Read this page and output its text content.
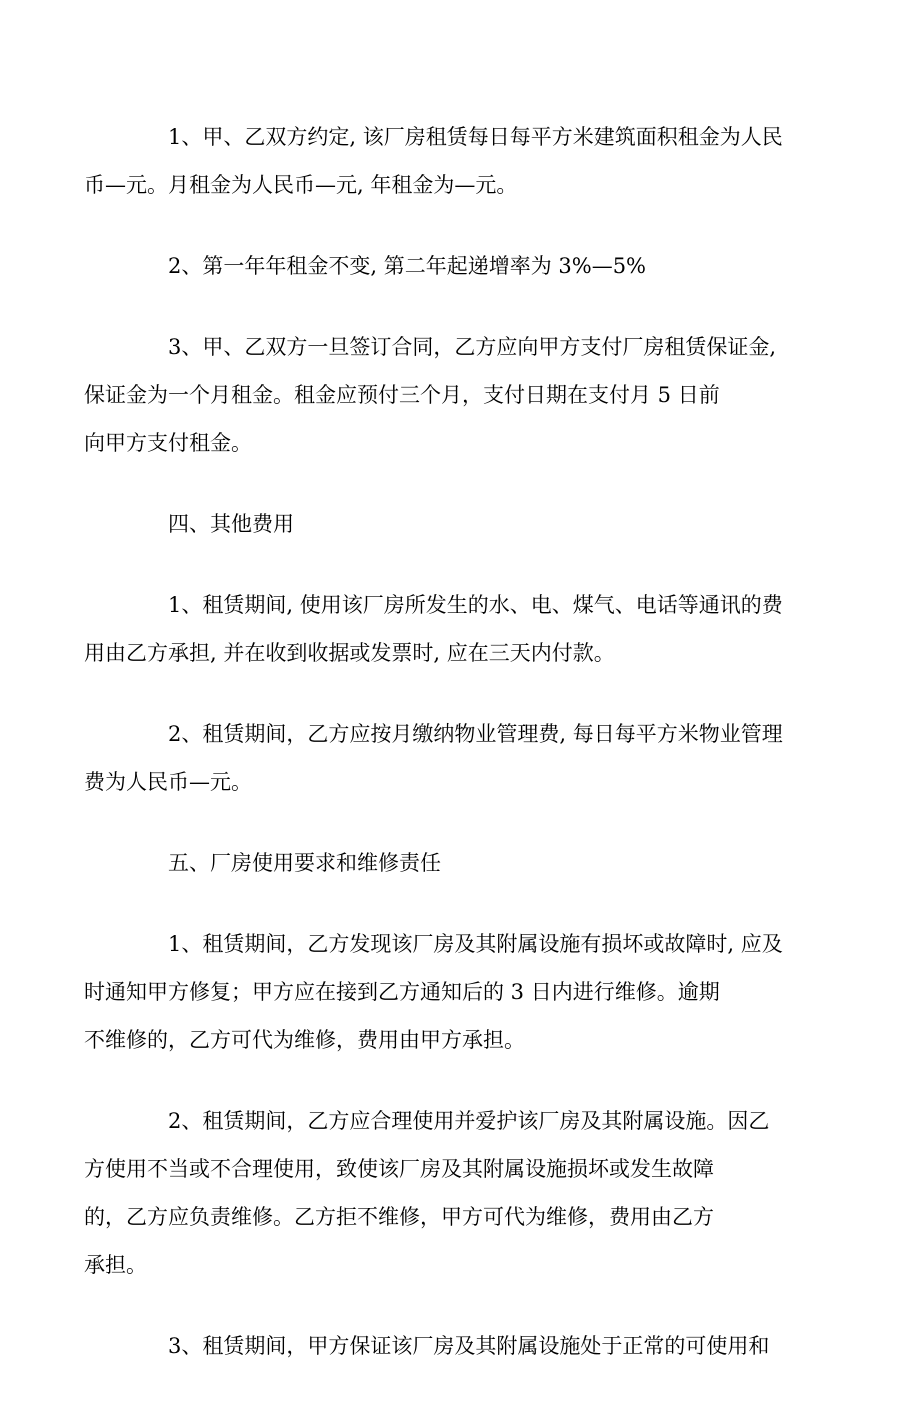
1、甲、乙双方约定, 该厂房租赁每日每平方米建筑面积租金为人民
币—元。月租金为人民币—元, 年租金为—元。

2、第一年年租金不变, 第二年起递增率为 3%—5%

3、甲、乙双方一旦签订合同，乙方应向甲方支付厂房租赁保证金,
保证金为一个月租金。租金应预付三个月，支付日期在支付月 5 日前
向甲方支付租金。

四、其他费用

1、租赁期间, 使用该厂房所发生的水、电、煤气、电话等通讯的费
用由乙方承担, 并在收到收据或发票时, 应在三天内付款。

2、租赁期间，乙方应按月缴纳物业管理费, 每日每平方米物业管理
费为人民币—元。

五、厂房使用要求和维修责任

1、租赁期间，乙方发现该厂房及其附属设施有损坏或故障时, 应及
时通知甲方修复；甲方应在接到乙方通知后的 3 日内进行维修。逾期
不维修的，乙方可代为维修，费用由甲方承担。

2、租赁期间，乙方应合理使用并爱护该厂房及其附属设施。因乙
方使用不当或不合理使用，致使该厂房及其附属设施损坏或发生故障
的，乙方应负责维修。乙方拒不维修，甲方可代为维修，费用由乙方
承担。

3、租赁期间，甲方保证该厂房及其附属设施处于正常的可使用和
